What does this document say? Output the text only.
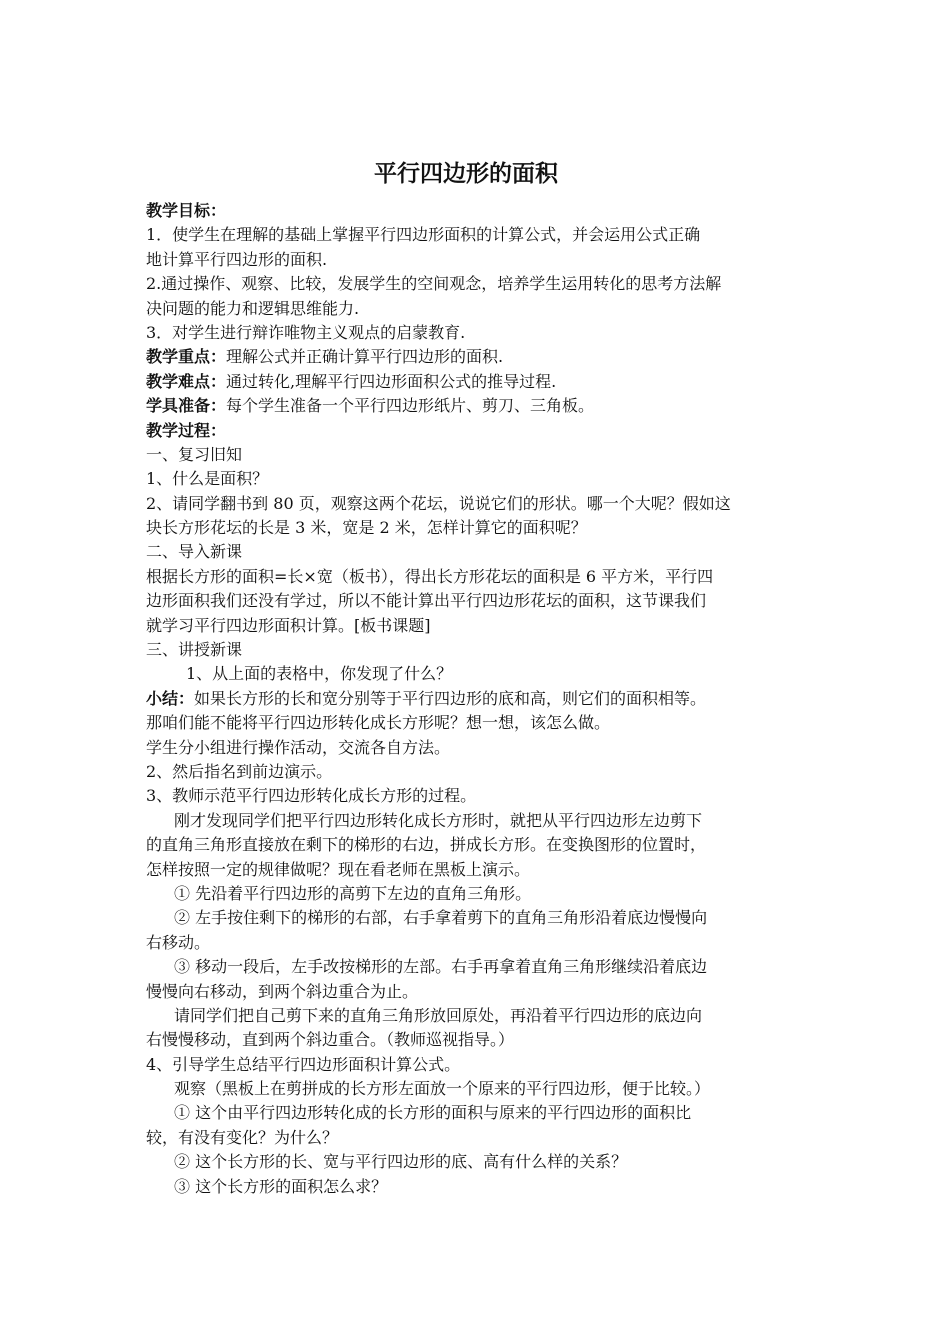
平行四边形的面积
教学目标：
1．使学生在理解的基础上掌握平行四边形面积的计算公式，并会运用公式正确
地计算平行四边形的面积.
2.通过操作、观察、比较，发展学生的空间观念，培养学生运用转化的思考方法解
决问题的能力和逻辑思维能力.
3．对学生进行辩诈唯物主义观点的启蒙教育.
教学重点：理解公式并正确计算平行四边形的面积.
教学难点：通过转化,理解平行四边形面积公式的推导过程.
学具准备：每个学生准备一个平行四边形纸片、剪刀、三角板。
教学过程：
一、复习旧知
1、什么是面积？
2、请同学翻书到 80 页，观察这两个花坛，说说它们的形状。哪一个大呢？假如这
块长方形花坛的长是 3 米，宽是 2 米，怎样计算它的面积呢？
二、导入新课
根据长方形的面积=长×宽（板书），得出长方形花坛的面积是 6 平方米，平行四
边形面积我们还没有学过，所以不能计算出平行四边形花坛的面积，这节课我们
就学习平行四边形面积计算。[板书课题]
三、讲授新课
1、从上面的表格中，你发现了什么？
小结：如果长方形的长和宽分别等于平行四边形的底和高，则它们的面积相等。
那咱们能不能将平行四边形转化成长方形呢？想一想，该怎么做。
学生分小组进行操作活动，交流各自方法。
2、然后指名到前边演示。
3、教师示范平行四边形转化成长方形的过程。
刚才发现同学们把平行四边形转化成长方形时，就把从平行四边形左边剪下
的直角三角形直接放在剩下的梯形的右边，拼成长方形。在变换图形的位置时，
怎样按照一定的规律做呢？现在看老师在黑板上演示。
① 先沿着平行四边形的高剪下左边的直角三角形。
② 左手按住剩下的梯形的右部，右手拿着剪下的直角三角形沿着底边慢慢向
右移动。
③ 移动一段后，左手改按梯形的左部。右手再拿着直角三角形继续沿着底边
慢慢向右移动，到两个斜边重合为止。
请同学们把自己剪下来的直角三角形放回原处，再沿着平行四边形的底边向
右慢慢移动，直到两个斜边重合。（教师巡视指导。）
4、引导学生总结平行四边形面积计算公式。
观察（黑板上在剪拼成的长方形左面放一个原来的平行四边形，便于比较。）
① 这个由平行四边形转化成的长方形的面积与原来的平行四边形的面积比
较，有没有变化？为什么？
② 这个长方形的长、宽与平行四边形的底、高有什么样的关系？
③ 这个长方形的面积怎么求？
